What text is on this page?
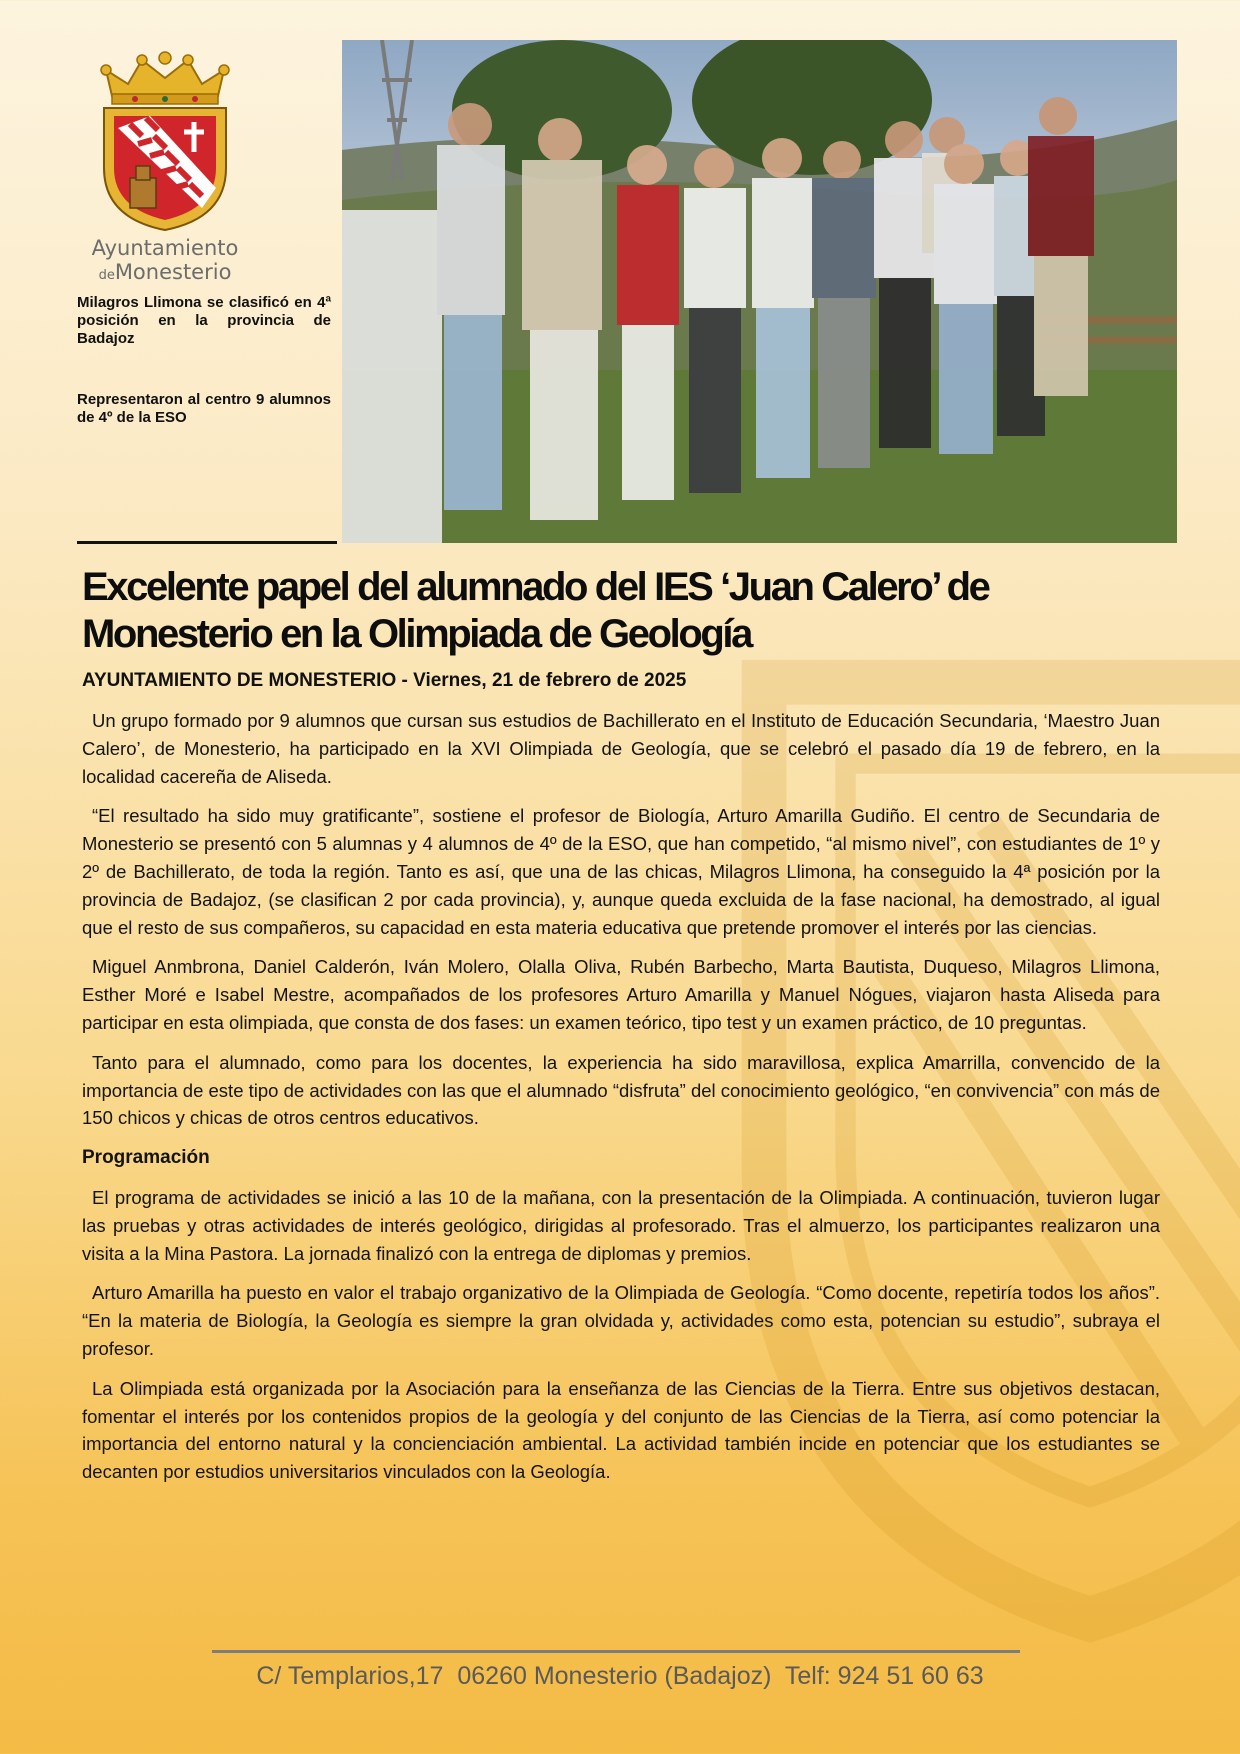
Ayuntamiento
deMonesterio
Milagros Llimona se clasificó en 4ª posición en la provincia de Badajoz
Representaron al centro 9 alumnos de 4º de la ESO
Excelente papel del alumnado del IES ‘Juan Calero’ de Monesterio en la Olimpiada de Geología
AYUNTAMIENTO DE MONESTERIO - Viernes, 21 de febrero de 2025

Un grupo formado por 9 alumnos que cursan sus estudios de Bachillerato en el Instituto de Educación Secundaria, ‘Maestro Juan Calero’, de Monesterio, ha participado en la XVI Olimpiada de Geología, que se celebró el pasado día 19 de febrero, en la localidad cacereña de Aliseda.

“El resultado ha sido muy gratificante”, sostiene el profesor de Biología, Arturo Amarilla Gudiño. El centro de Secundaria de Monesterio se presentó con 5 alumnas y 4 alumnos de 4º de la ESO, que han competido, “al mismo nivel”, con estudiantes de 1º y 2º de Bachillerato, de toda la región. Tanto es así, que una de las chicas, Milagros Llimona, ha conseguido la 4ª posición por la provincia de Badajoz, (se clasifican 2 por cada provincia), y, aunque queda excluida de la fase nacional, ha demostrado, al igual que el resto de sus compañeros, su capacidad en esta materia educativa que pretende promover el interés por las ciencias.

Miguel Anmbrona, Daniel Calderón, Iván Molero, Olalla Oliva, Rubén Barbecho, Marta Bautista, Duqueso, Milagros Llimona, Esther Moré e Isabel Mestre, acompañados de los profesores Arturo Amarilla y Manuel Nógues, viajaron hasta Aliseda para participar en esta olimpiada, que consta de dos fases: un examen teórico, tipo test y un examen práctico, de 10 preguntas.

Tanto para el alumnado, como para los docentes, la experiencia ha sido maravillosa, explica Amarrilla, convencido de la importancia de este tipo de actividades con las que el alumnado “disfruta” del conocimiento geológico, “en convivencia” con más de 150 chicos y chicas de otros centros educativos.

Programación

El programa de actividades se inició a las 10 de la mañana, con la presentación de la Olimpiada. A continuación, tuvieron lugar las pruebas y otras actividades de interés geológico, dirigidas al profesorado. Tras el almuerzo, los participantes realizaron una visita a la Mina Pastora. La jornada finalizó con la entrega de diplomas y premios.

Arturo Amarilla ha puesto en valor el trabajo organizativo de la Olimpiada de Geología. “Como docente, repetiría todos los años”. “En la materia de Biología, la Geología es siempre la gran olvidada y, actividades como esta, potencian su estudio”, subraya el profesor.

La Olimpiada está organizada por la Asociación para la enseñanza de las Ciencias de la Tierra. Entre sus objetivos destacan, fomentar el interés por los contenidos propios de la geología y del conjunto de las Ciencias de la Tierra, así como potenciar la importancia del entorno natural y la concienciación ambiental. La actividad también incide en potenciar que los estudiantes se decanten por estudios universitarios vinculados con la Geología.

C/ Templarios,17  06260 Monesterio (Badajoz)  Telf: 924 51 60 63
